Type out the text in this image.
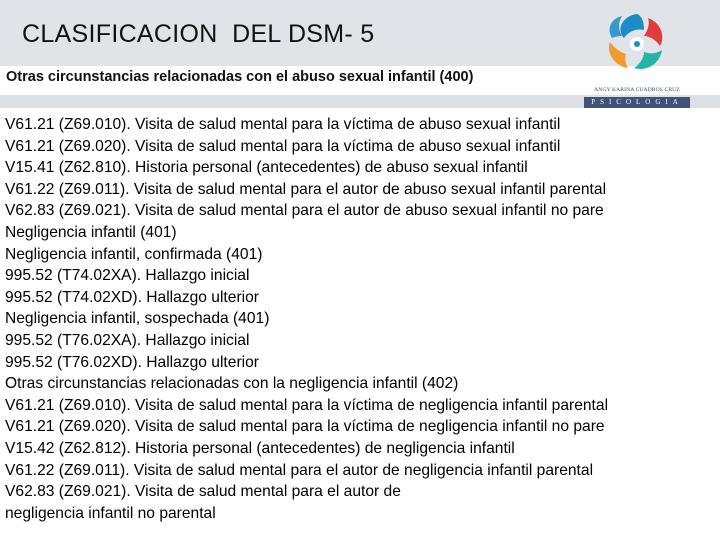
CLASIFICACION  DEL DSM- 5
Otras circunstancias relacionadas con el abuso sexual infantil (400)
ANGY KARINA CUADROS CRUZ
PSICOLOGIA
V61.21 (Z69.010). Visita de salud mental para la víctima de abuso sexual infantil
V61.21 (Z69.020). Visita de salud mental para la víctima de abuso sexual infantil
V15.41 (Z62.810). Historia personal (antecedentes) de abuso sexual infantil
V61.22 (Z69.011). Visita de salud mental para el autor de abuso sexual infantil parental
V62.83 (Z69.021). Visita de salud mental para el autor de abuso sexual infantil no pare
Negligencia infantil (401)
Negligencia infantil, confirmada (401)
995.52 (T74.02XA). Hallazgo inicial
995.52 (T74.02XD). Hallazgo ulterior
Negligencia infantil, sospechada (401)
995.52 (T76.02XA). Hallazgo inicial
995.52 (T76.02XD). Hallazgo ulterior
Otras circunstancias relacionadas con la negligencia infantil (402)
V61.21 (Z69.010). Visita de salud mental para la víctima de negligencia infantil parental
V61.21 (Z69.020). Visita de salud mental para la víctima de negligencia infantil no pare
V15.42 (Z62.812). Historia personal (antecedentes) de negligencia infantil
V61.22 (Z69.011). Visita de salud mental para el autor de negligencia infantil parental
V62.83 (Z69.021). Visita de salud mental para el autor de
negligencia infantil no parental
